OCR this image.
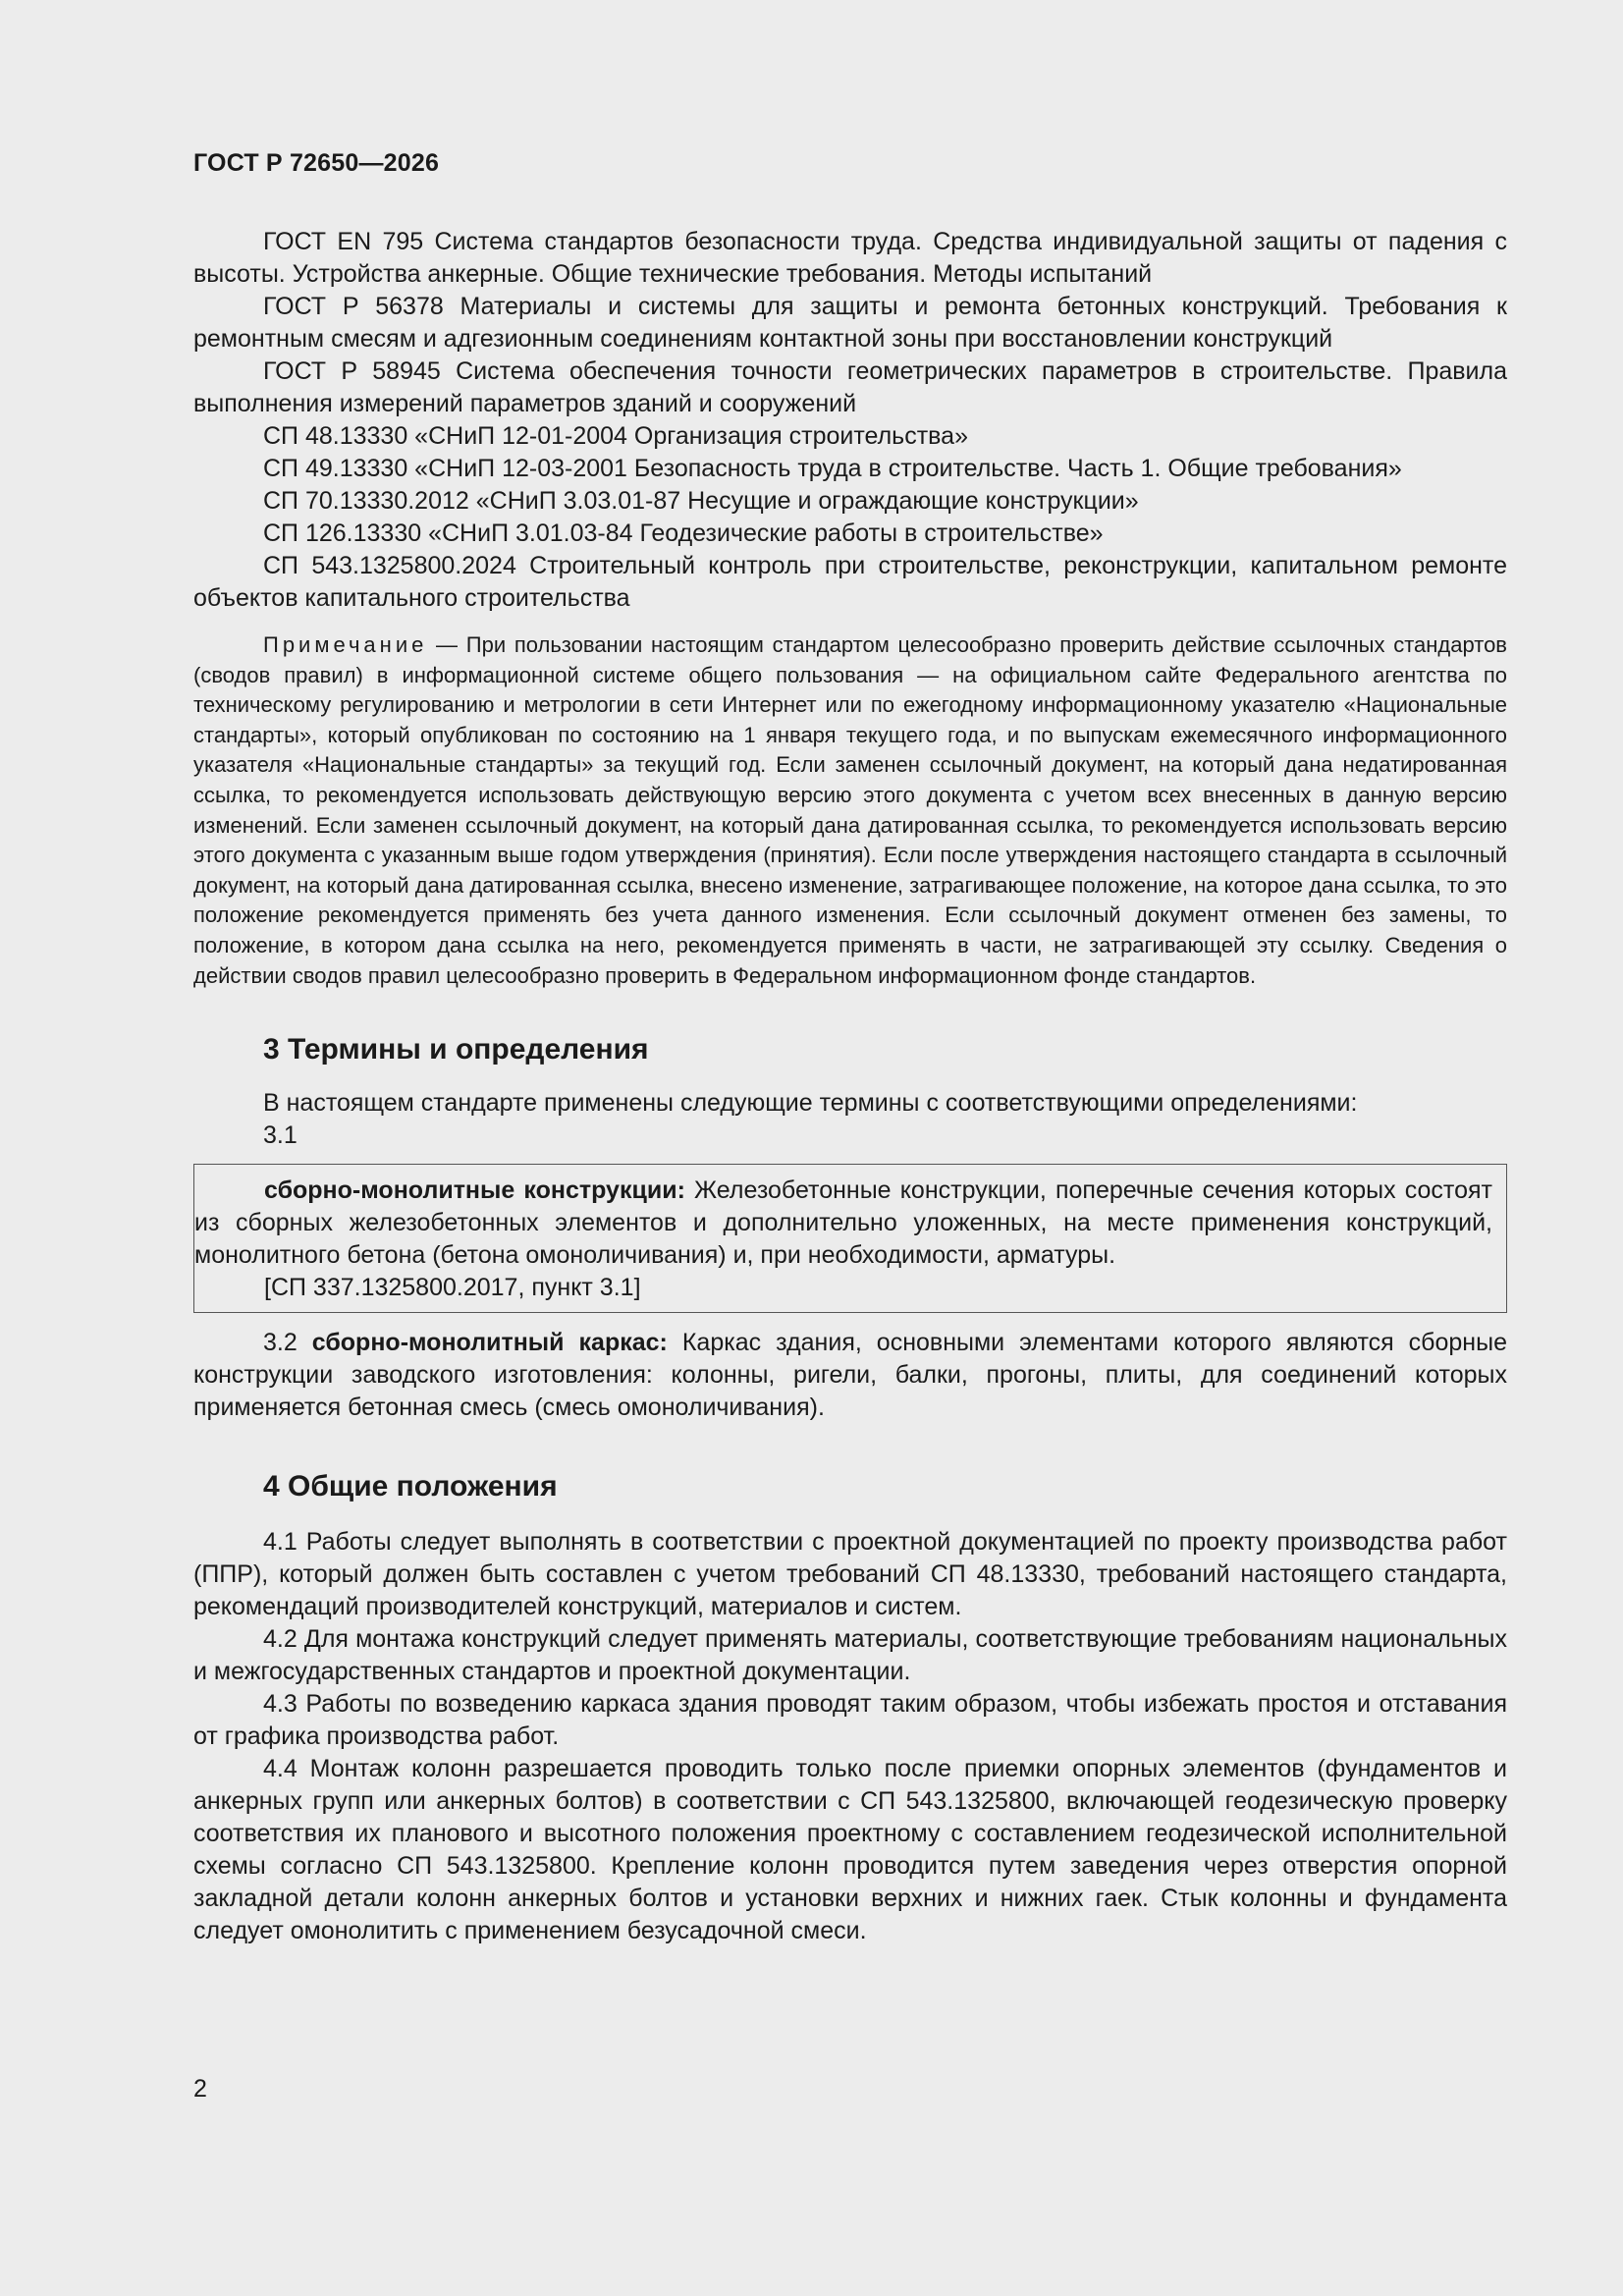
ГОСТ Р 72650—2026

ГОСТ EN 795 Система стандартов безопасности труда. Средства индивидуальной защиты от падения с высоты. Устройства анкерные. Общие технические требования. Методы испытаний

ГОСТ Р 56378 Материалы и системы для защиты и ремонта бетонных конструкций. Требования к ремонтным смесям и адгезионным соединениям контактной зоны при восстановлении конструкций

ГОСТ Р 58945 Система обеспечения точности геометрических параметров в строительстве. Правила выполнения измерений параметров зданий и сооружений

СП 48.13330 «СНиП 12-01-2004 Организация строительства»

СП 49.13330 «СНиП 12-03-2001 Безопасность труда в строительстве. Часть 1. Общие требования»

СП 70.13330.2012 «СНиП 3.03.01-87 Несущие и ограждающие конструкции»

СП 126.13330 «СНиП 3.01.03-84 Геодезические работы в строительстве»

СП 543.1325800.2024 Строительный контроль при строительстве, реконструкции, капитальном ремонте объектов капитального строительства

Примечание — При пользовании настоящим стандартом целесообразно проверить действие ссылочных стандартов (сводов правил) в информационной системе общего пользования — на официальном сайте Федерального агентства по техническому регулированию и метрологии в сети Интернет или по ежегодному информационному указателю «Национальные стандарты», который опубликован по состоянию на 1 января текущего года, и по выпускам ежемесячного информационного указателя «Национальные стандарты» за текущий год. Если заменен ссылочный документ, на который дана недатированная ссылка, то рекомендуется использовать действующую версию этого документа с учетом всех внесенных в данную версию изменений. Если заменен ссылочный документ, на который дана датированная ссылка, то рекомендуется использовать версию этого документа с указанным выше годом утверждения (принятия). Если после утверждения настоящего стандарта в ссылочный документ, на который дана датированная ссылка, внесено изменение, затрагивающее положение, на которое дана ссылка, то это положение рекомендуется применять без учета данного изменения. Если ссылочный документ отменен без замены, то положение, в котором дана ссылка на него, рекомендуется применять в части, не затрагивающей эту ссылку. Сведения о действии сводов правил целесообразно проверить в Федеральном информационном фонде стандартов.

3 Термины и определения

В настоящем стандарте применены следующие термины с соответствующими определениями:

3.1

сборно-монолитные конструкции: Железобетонные конструкции, поперечные сечения которых состоят из сборных железобетонных элементов и дополнительно уложенных, на месте применения конструкций, монолитного бетона (бетона омоноличивания) и, при необходимости, арматуры.

[СП 337.1325800.2017, пункт 3.1]

3.2 сборно-монолитный каркас: Каркас здания, основными элементами которого являются сборные конструкции заводского изготовления: колонны, ригели, балки, прогоны, плиты, для соединений которых применяется бетонная смесь (смесь омоноличивания).

4 Общие положения

4.1 Работы следует выполнять в соответствии с проектной документацией по проекту производства работ (ППР), который должен быть составлен с учетом требований СП 48.13330, требований настоящего стандарта, рекомендаций производителей конструкций, материалов и систем.

4.2 Для монтажа конструкций следует применять материалы, соответствующие требованиям национальных и межгосударственных стандартов и проектной документации.

4.3 Работы по возведению каркаса здания проводят таким образом, чтобы избежать простоя и отставания от графика производства работ.

4.4 Монтаж колонн разрешается проводить только после приемки опорных элементов (фундаментов и анкерных групп или анкерных болтов) в соответствии с СП 543.1325800, включающей геодезическую проверку соответствия их планового и высотного положения проектному с составлением геодезической исполнительной схемы согласно СП 543.1325800. Крепление колонн проводится путем заведения через отверстия опорной закладной детали колонн анкерных болтов и установки верхних и нижних гаек. Стык колонны и фундамента следует омонолитить с применением безусадочной смеси.

2
